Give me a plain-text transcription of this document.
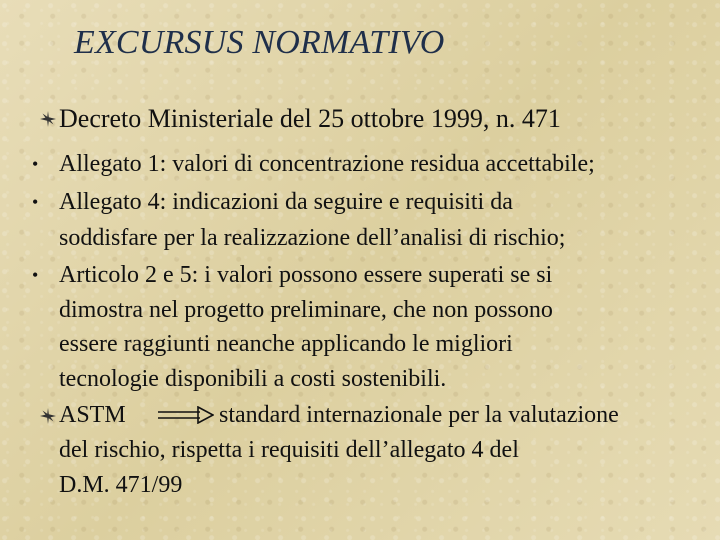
EXCURSUS NORMATIVO
Decreto Ministeriale del 25 ottobre 1999, n. 471
• Allegato 1: valori di concentrazione residua accettabile;
• Allegato 4: indicazioni da seguire e requisiti da
soddisfare per la realizzazione dell’analisi di rischio;
• Articolo 2 e 5: i valori possono essere superati se si
dimostra nel progetto preliminare, che non possono
essere raggiunti neanche applicando le migliori
tecnologie disponibili a costi sostenibili.
ASTM	standard internazionale per la valutazione
del rischio, rispetta i requisiti dell’allegato 4 del
D.M. 471/99
